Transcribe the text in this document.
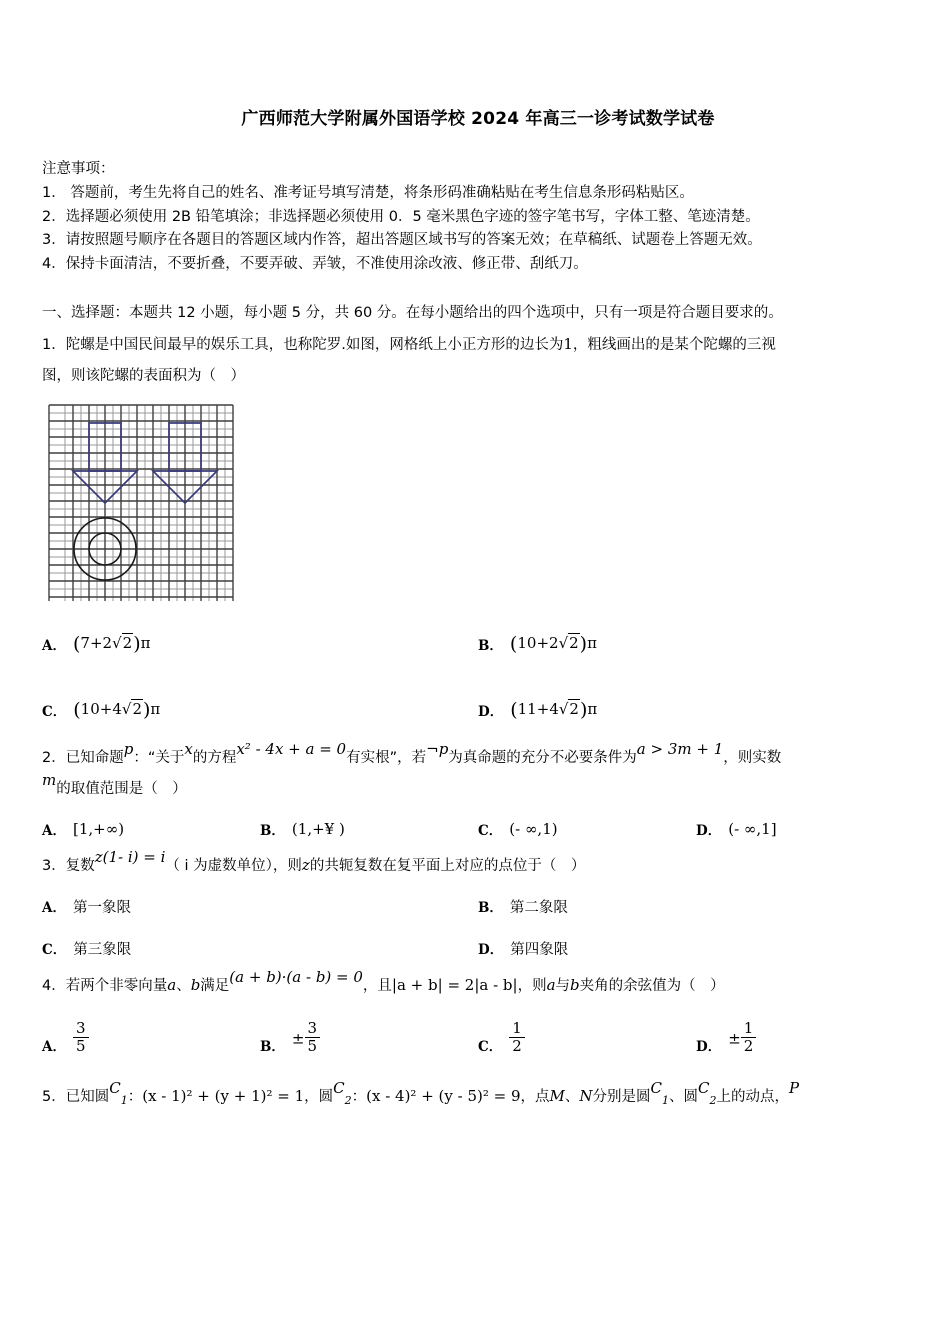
广西师范大学附属外国语学校 2024 年高三一诊考试数学试卷
注意事项：
1． 答题前，考生先将自己的姓名、准考证号填写清楚，将条形码准确粘贴在考生信息条形码粘贴区。
2．选择题必须使用 2B 铅笔填涂；非选择题必须使用 0．5 毫米黑色字迹的签字笔书写，字体工整、笔迹清楚。
3．请按照题号顺序在各题目的答题区域内作答，超出答题区域书写的答案无效；在草稿纸、试题卷上答题无效。
4．保持卡面清洁，不要折叠，不要弄破、弄皱，不准使用涂改液、修正带、刮纸刀。
一、选择题：本题共 12 小题，每小题 5 分，共 60 分。在每小题给出的四个选项中，只有一项是符合题目要求的。
1．陀螺是中国民间最早的娱乐工具，也称陀罗.如图，网格纸上小正方形的边长为1，粗线画出的是某个陀螺的三视
图，则该陀螺的表面积为（　）
A． (7+2√2)π	B． (10+2√2)π
C． (10+4√2)π	D． (11+4√2)π
2．已知命题p：“关于x的方程x² - 4x + a = 0有实根”，若¬p为真命题的充分不必要条件为a > 3m + 1，则实数
m的取值范围是（　）
A． [1,+∞)	B． (1,+¥ )	C． (- ∞,1)	D． (- ∞,1]
3．复数z(1- i) = i（ i 为虚数单位），则z的共轭复数在复平面上对应的点位于（　）
A． 第一象限	B． 第二象限
C． 第三象限	D． 第四象限
4．若两个非零向量a、b满足(a + b)·(a - b) = 0，且|a + b| = 2|a - b|，则a与b夹角的余弦值为（　）
A． $\frac{3}{5}$	B． ± $\frac{3}{5}$	C． $\frac{1}{2}$	D． ± $\frac{1}{2}$
5．已知圆$C_1$：(x - 1)² + (y + 1)² = 1，圆$C_2$：(x - 4)² + (y - 5)² = 9，点M、N分别是圆$C_1$、圆$C_2$上的动点，P
